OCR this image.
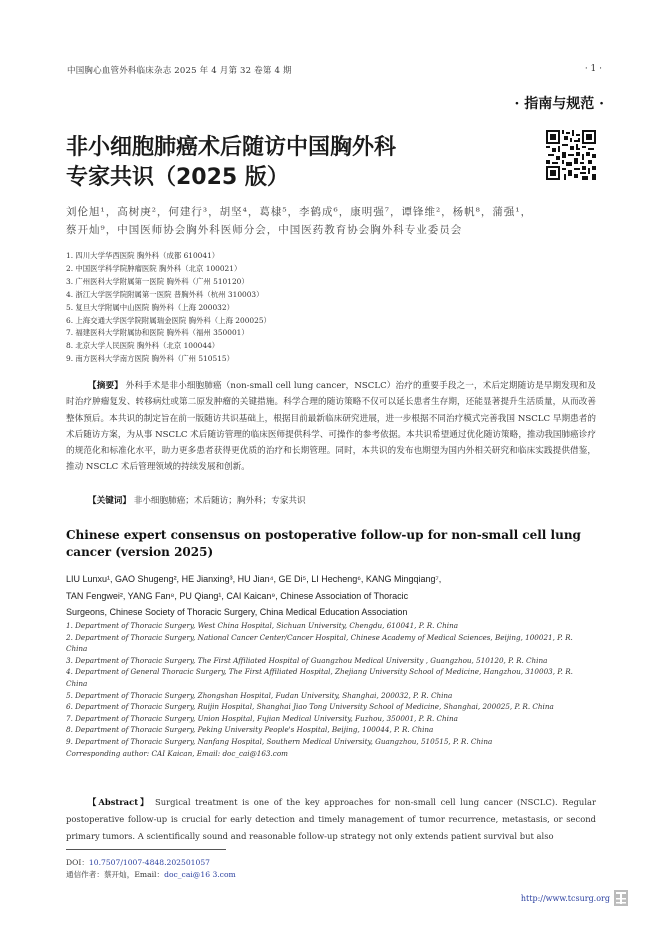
中国胸心血管外科临床杂志 2025 年 4 月第 32 卷第 4 期	· 1 ·
· 指南与规范 ·
非小细胞肺癌术后随访中国胸外科
专家共识（2025 版）
刘伦旭¹，高树庚²，何建行³，胡坚⁴，葛棣⁵，李鹤成⁶，康明强⁷，谭锋维²，杨帆⁸，蒲强¹，
蔡开灿⁹，中国医师协会胸外科医师分会，中国医药教育协会胸外科专业委员会
1. 四川大学华西医院 胸外科（成都 610041）
2. 中国医学科学院肿瘤医院 胸外科（北京 100021）
3. 广州医科大学附属第一医院 胸外科（广州 510120）
4. 浙江大学医学院附属第一医院 普胸外科（杭州 310003）
5. 复旦大学附属中山医院 胸外科（上海 200032）
6. 上海交通大学医学院附属瑞金医院 胸外科（上海 200025）
7. 福建医科大学附属协和医院 胸外科（福州 350001）
8. 北京大学人民医院 胸外科（北京 100044）
9. 南方医科大学南方医院 胸外科（广州 510515）
【摘要】 外科手术是非小细胞肺癌（non-small cell lung cancer，NSCLC）治疗的重要手段之一，术后定期随访是早期发现和及时治疗肿瘤复发、转移病灶或第二原发肿瘤的关键措施。科学合理的随访策略不仅可以延长患者生存期，还能显著提升生活质量，从而改善整体预后。本共识的制定旨在前一版随访共识基础上，根据目前最新临床研究进展，进一步根据不同治疗模式完善我国 NSCLC 早期患者的术后随访方案，为从事 NSCLC 术后随访管理的临床医师提供科学、可操作的参考依据。本共识希望通过优化随访策略，推动我国肺癌诊疗的规范化和标准化水平，助力更多患者获得更优质的治疗和长期管理。同时，本共识的发布也期望为国内外相关研究和临床实践提供借鉴，推动 NSCLC 术后管理领域的持续发展和创新。
【关键词】 非小细胞肺癌；术后随访；胸外科；专家共识
Chinese expert consensus on postoperative follow-up for non-small cell lung cancer (version 2025)
LIU Lunxu¹, GAO Shugeng², HE Jianxing³, HU Jian⁴, GE Di⁵, LI Hecheng⁶, KANG Mingqiang⁷,
TAN Fengwei², YANG Fan⁸, PU Qiang¹, CAI Kaican⁹, Chinese Association of Thoracic
Surgeons, Chinese Society of Thoracic Surgery, China Medical Education Association
1. Department of Thoracic Surgery, West China Hospital, Sichuan University, Chengdu, 610041, P. R. China
2. Department of Thoracic Surgery, National Cancer Center/Cancer Hospital, Chinese Academy of Medical Sciences, Beijing, 100021, P. R.
China
3. Department of Thoracic Surgery, The First Affiliated Hospital of Guangzhou Medical University , Guangzhou, 510120, P. R. China
4. Department of General Thoracic Surgery, The First Affiliated Hospital, Zhejiang University School of Medicine, Hangzhou, 310003, P. R.
China
5. Department of Thoracic Surgery, Zhongshan Hospital, Fudan University, Shanghai, 200032, P. R. China
6. Department of Thoracic Surgery, Ruijin Hospital, Shanghai Jiao Tong University School of Medicine, Shanghai, 200025, P. R. China
7. Department of Thoracic Surgery, Union Hospital, Fujian Medical University, Fuzhou, 350001, P. R. China
8. Department of Thoracic Surgery, Peking University People's Hospital, Beijing, 100044, P. R. China
9. Department of Thoracic Surgery, Nanfang Hospital, Southern Medical University, Guangzhou, 510515, P. R. China
Corresponding author: CAI Kaican, Email: doc_cai@163.com
【Abstract】 Surgical treatment is one of the key approaches for non-small cell lung cancer (NSCLC). Regular postoperative follow-up is crucial for early detection and timely management of tumor recurrence, metastasis, or second primary tumors. A scientifically sound and reasonable follow-up strategy not only extends patient survival but also
DOI：10.7507/1007-4848.202501057
通信作者：蔡开灿，Email：doc_cai@16 3.com
http://www.tcsurg.org
